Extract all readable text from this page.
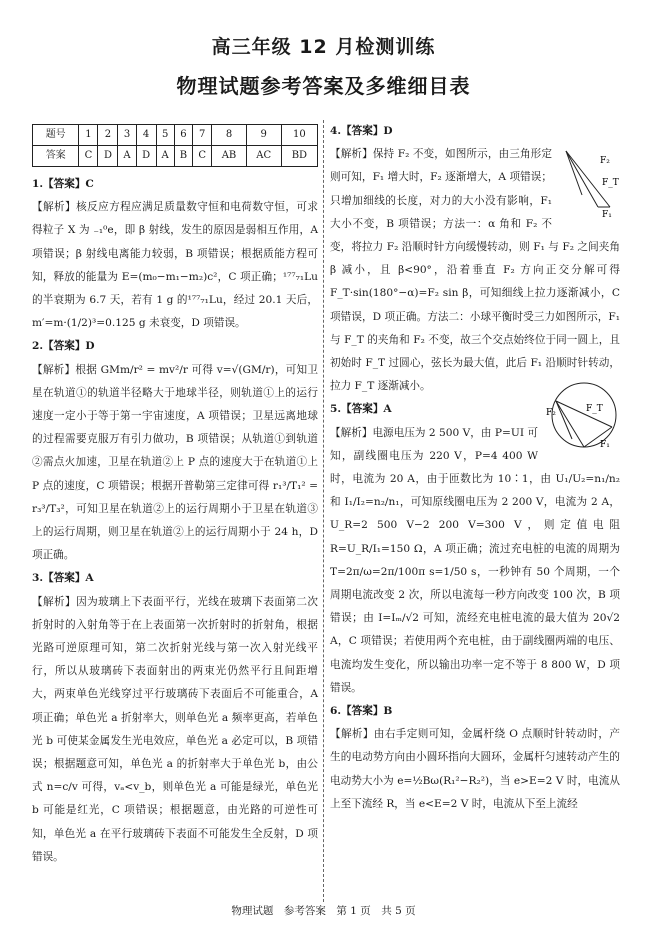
高三年级 12 月检测训练
物理试题参考答案及多维细目表
题号	1	2	3	4	5	6	7	8	9	10
答案	C	D	A	D	A	B	C	AB	AC	BD

1.【答案】C

【解析】核反应方程应满足质量数守恒和电荷数守恒，可求得粒子 X 为 ₋₁⁰e，即 β 射线，发生的原因是弱相互作用，A 项错误；β 射线电离能力较弱，B 项错误；根据质能方程可知，释放的能量为 E=(m₀−m₁−m₂)c²，C 项正确；¹⁷⁷₇₁Lu 的半衰期为 6.7 天，若有 1 g 的¹⁷⁷₇₁Lu，经过 20.1 天后，m′=m·(1/2)³=0.125 g 未衰变，D 项错误。

2.【答案】D

【解析】根据 GMm/r² = mv²/r 可得 v=√(GM/r)，可知卫星在轨道①的轨道半径略大于地球半径，则轨道①上的运行速度一定小于等于第一宇宙速度，A 项错误；卫星远离地球的过程需要克服万有引力做功，B 项错误；从轨道①到轨道②需点火加速，卫星在轨道②上 P 点的速度大于在轨道①上 P 点的速度，C 项错误；根据开普勒第三定律可得 r₁³/T₁² = r₃³/T₃²，可知卫星在轨道②上的运行周期小于卫星在轨道③上的运行周期，则卫星在轨道②上的运行周期小于 24 h，D 项正确。

3.【答案】A

【解析】因为玻璃上下表面平行，光线在玻璃下表面第二次折射时的入射角等于在上表面第一次折射时的折射角，根据光路可逆原理可知，第二次折射光线与第一次入射光线平行，所以从玻璃砖下表面射出的两束光仍然平行且间距增大，两束单色光线穿过平行玻璃砖下表面后不可能重合，A 项正确；单色光 a 折射率大，则单色光 a 频率更高，若单色光 b 可使某金属发生光电效应，单色光 a 必定可以，B 项错误；根据题意可知，单色光 a 的折射率大于单色光 b，由公式 n=c/v 可得，vₐ<v_b，则单色光 a 可能是绿光，单色光 b 可能是红光，C 项错误；根据题意，由光路的可逆性可知，单色光 a 在平行玻璃砖下表面不可能发生全反射，D 项错误。

4.【答案】D

F₂
F_T
F₁
【解析】保持 F₂ 不变，如图所示，由三角形定则可知，F₁ 增大时，F₂ 逐渐增大，A 项错误；只增加细线的长度，对力的大小没有影响，F₁ 大小不变，B 项错误；方法一：α 角和 F₂ 不变，将拉力 F₂ 沿顺时针方向缓慢转动，则 F₁ 与 F₂ 之间夹角 β 减小，且 β<90°，沿着垂直 F₂ 方向正交分解可得 F_T·sin(180°−α)=F₂ sin β，可知细线上拉力逐渐减小，C 项错误，D 项正确。方法二：小球平衡时受三力如图所示，F₁ 与 F_T 的夹角和 F₂ 不变，故三个交点始终位于同一圆上，且初始时 F_T 过圆心，弦长为最大值，此后 F₁ 沿顺时针转动，拉力 F_T 逐渐减小。
F₂	F_T
F₁

5.【答案】A

【解析】电源电压为 2 500 V，由 P=UI 可知，副线圈电压为 220 V，P=4 400 W 时，电流为 20 A，由于匝数比为 10∶1，由 U₁/U₂=n₁/n₂ 和 I₁/I₂=n₂/n₁，可知原线圈电压为 2 200 V，电流为 2 A，U_R=2 500 V−2 200 V=300 V，则定值电阻 R=U_R/I₁=150 Ω，A 项正确；流过充电桩的电流的周期为 T=2π/ω=2π/100π s=1/50 s，一秒钟有 50 个周期，一个周期电流改变 2 次，所以电流每一秒方向改变 100 次，B 项错误；由 I=Iₘ/√2 可知，流经充电桩电流的最大值为 20√2 A，C 项错误；若使用两个充电桩，由于副线圈两端的电压、电流均发生变化，所以输出功率一定不等于 8 800 W，D 项错误。

6.【答案】B

【解析】由右手定则可知，金属杆绕 O 点顺时针转动时，产生的电动势方向由小圆环指向大圆环，金属杆匀速转动产生的电动势大小为 e=½Bω(R₁²−R₂²)，当 e>E=2 V 时，电流从上至下流经 R，当 e<E=2 V 时，电流从下至上流经

物理试题　参考答案　第 1 页　共 5 页
